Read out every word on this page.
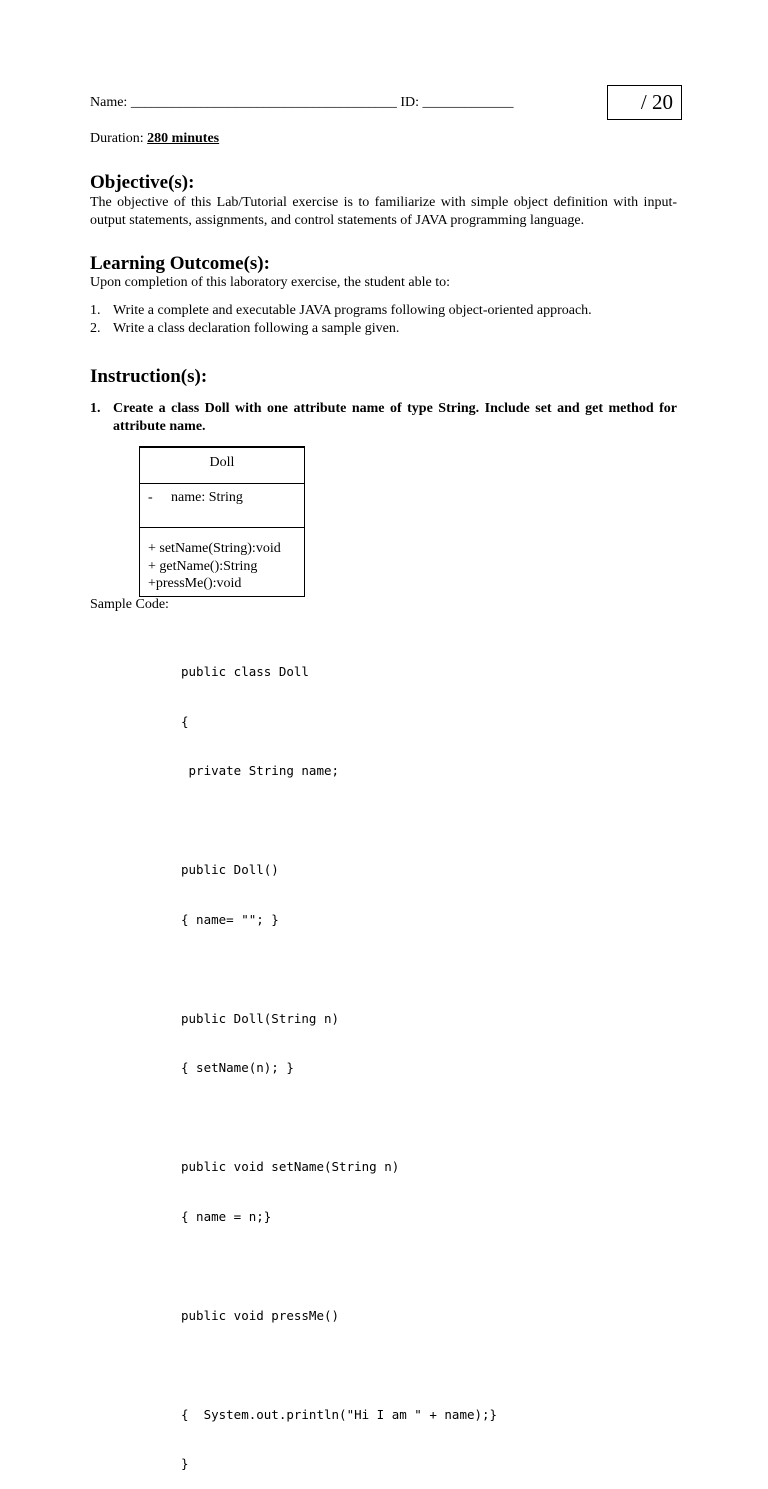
Name: ______________________________________ ID: _____________	/ 20
Duration: 280 minutes
Objective(s):
The objective of this Lab/Tutorial exercise is to familiarize with simple object definition with input-output statements, assignments, and control statements of JAVA programming language.
Learning Outcome(s):
Upon completion of this laboratory exercise, the student able to:
1. Write a complete and executable JAVA programs following object-oriented approach.
2. Write a class declaration following a sample given.
Instruction(s):
1. Create a class Doll with one attribute name of type String. Include set and get method for attribute name.
Doll
- name: String
+ setName(String):void
+ getName():String
+pressMe():void
Sample Code:

public class Doll

{

private String name;

public Doll()

{ name= ""; }

public Doll(String n)

{ setName(n); }

public void setName(String n)

{ name = n;}

public void pressMe()

{  System.out.println("Hi I am " + name);}

}
